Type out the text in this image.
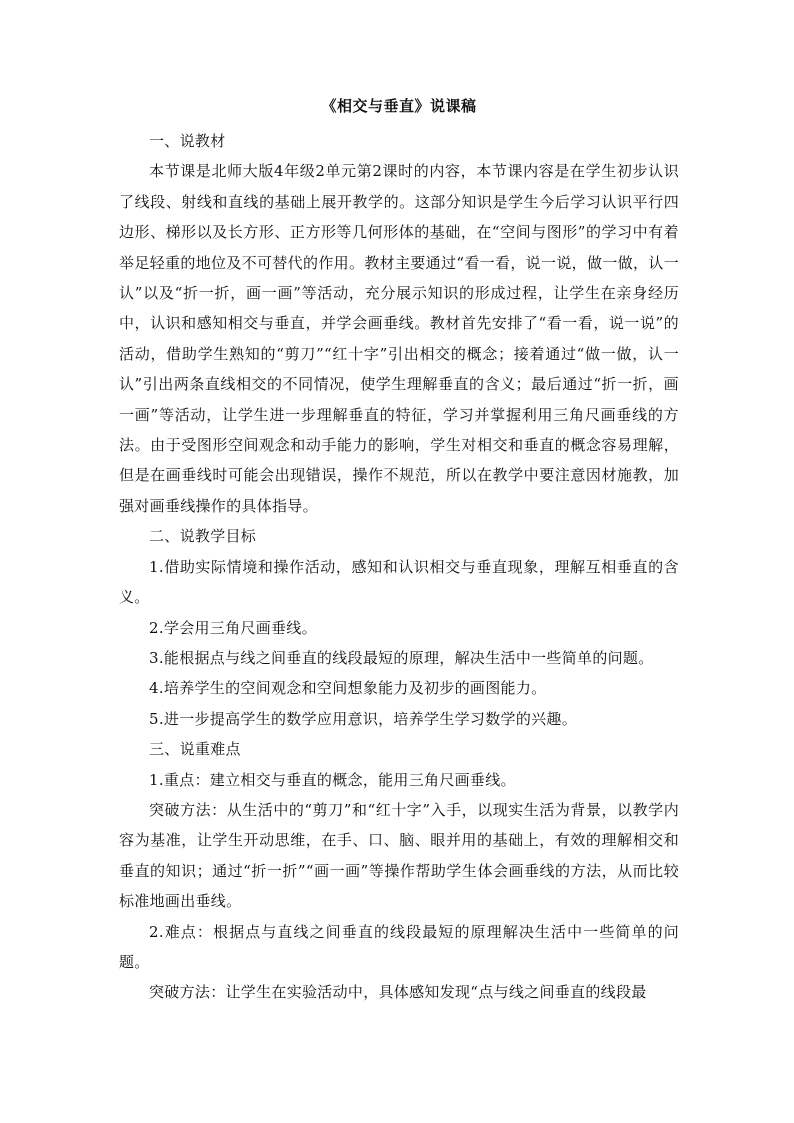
《相交与垂直》说课稿

一、说教材

本节课是北师大版4年级2单元第2课时的内容，本节课内容是在学生初步认识了线段、射线和直线的基础上展开教学的。这部分知识是学生今后学习认识平行四边形、梯形以及长方形、正方形等几何形体的基础，在“空间与图形”的学习中有着举足轻重的地位及不可替代的作用。教材主要通过“看一看，说一说，做一做，认一认”以及“折一折，画一画”等活动，充分展示知识的形成过程，让学生在亲身经历中，认识和感知相交与垂直，并学会画垂线。教材首先安排了“看一看，说一说”的活动，借助学生熟知的“剪刀”“红十字”引出相交的概念；接着通过“做一做，认一认”引出两条直线相交的不同情况，使学生理解垂直的含义；最后通过“折一折，画一画”等活动，让学生进一步理解垂直的特征，学习并掌握利用三角尺画垂线的方法。由于受图形空间观念和动手能力的影响，学生对相交和垂直的概念容易理解，但是在画垂线时可能会出现错误，操作不规范，所以在教学中要注意因材施教，加强对画垂线操作的具体指导。

二、说教学目标

1.借助实际情境和操作活动，感知和认识相交与垂直现象，理解互相垂直的含义。

2.学会用三角尺画垂线。

3.能根据点与线之间垂直的线段最短的原理，解决生活中一些简单的问题。

4.培养学生的空间观念和空间想象能力及初步的画图能力。

5.进一步提高学生的数学应用意识，培养学生学习数学的兴趣。

三、说重难点

1.重点：建立相交与垂直的概念，能用三角尺画垂线。

突破方法：从生活中的“剪刀”和“红十字”入手，以现实生活为背景，以教学内容为基准，让学生开动思维，在手、口、脑、眼并用的基础上，有效的理解相交和垂直的知识；通过“折一折”“画一画”等操作帮助学生体会画垂线的方法，从而比较标准地画出垂线。

2.难点：根据点与直线之间垂直的线段最短的原理解决生活中一些简单的问题。

突破方法：让学生在实验活动中，具体感知发现“点与线之间垂直的线段最
